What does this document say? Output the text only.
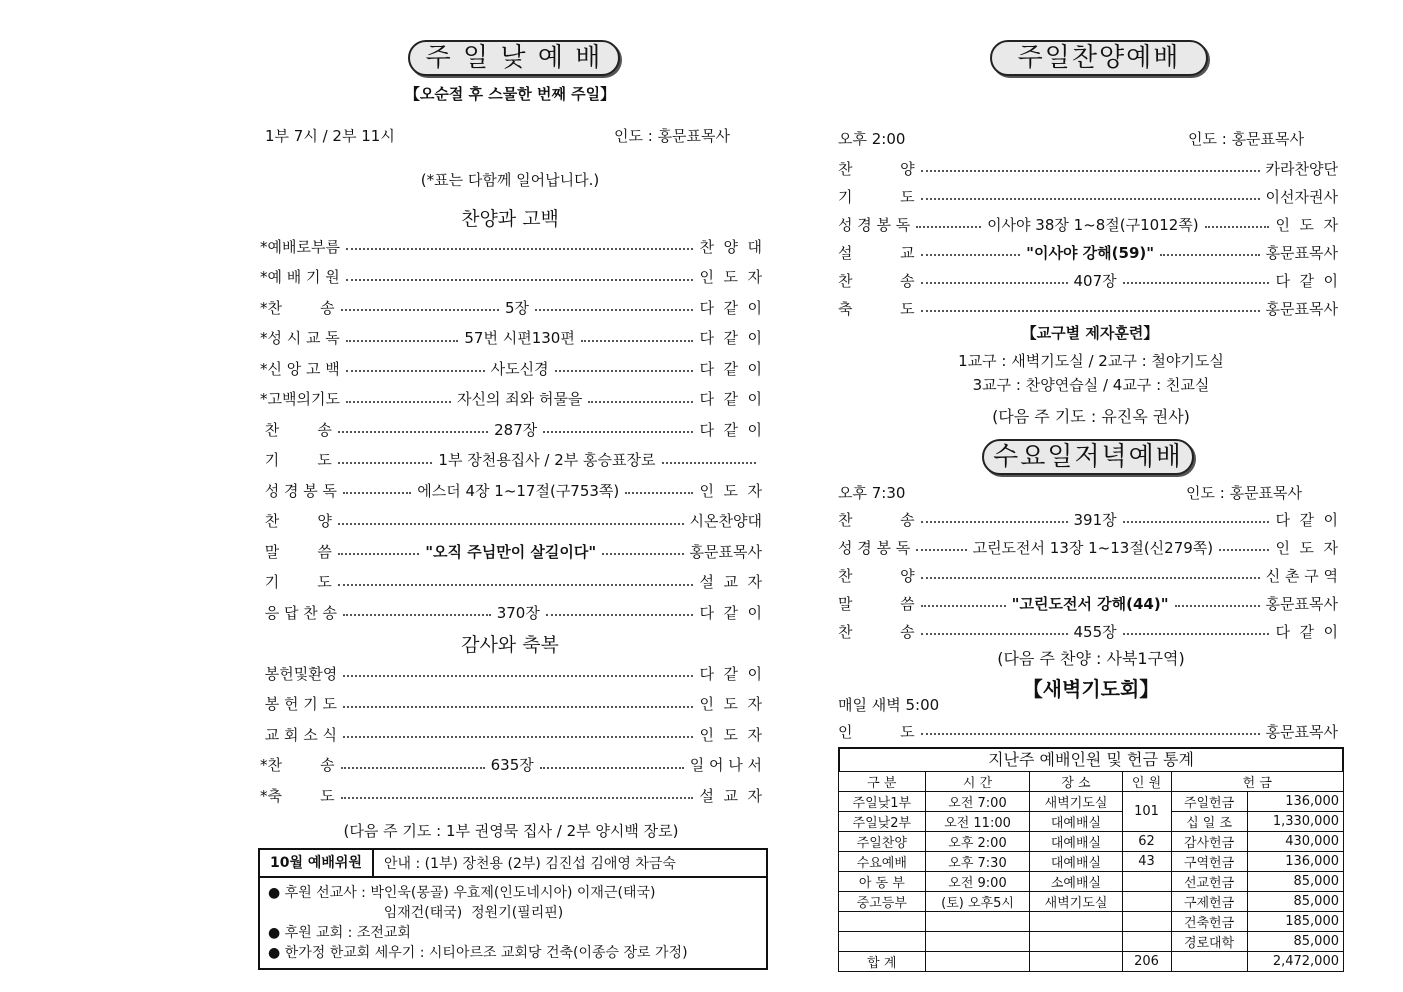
주 일 낮 예 배
【오순절 후 스물한 번째 주일】
1부 7시 / 2부 11시	인도 : 홍문표목사
(*표는 다함께 일어납니다.)
찬양과 고백
*예배로부름	찬  양  대
*예 배 기 원	인  도  자
*찬        송	5장	다  같  이
*성 시 교 독	57번 시편130편	다  같  이
*신 앙 고 백	사도신경	다  같  이
*고백의기도	자신의 죄와 허물을	다  같  이
찬        송	287장	다  같  이
기        도	1부 장천용집사 / 2부 홍승표장로
성 경 봉 독	에스더 4장 1~17절(구753쪽)	인  도  자
찬        양	시온찬양대
말        씀	"오직 주님만이 살길이다"	홍문표목사
기        도	설  교  자
응 답 찬 송	370장	다  같  이
감사와 축복
봉헌및환영	다  같  이
봉 헌 기 도	인  도  자
교 회 소 식	인  도  자
*찬        송	635장	일 어 나 서
*축        도	설  교  자
(다음 주 기도 : 1부 권영묵 집사 / 2부 양시백 장로)
10월 예배위원	안내 : (1부) 장천용 (2부) 김진섭 김애영 차금숙
● 후원 선교사 : 박인욱(몽골) 우효제(인도네시아) 이재근(태국)
임재건(태국)  정원기(필리핀)
● 후원 교회 : 조전교회
● 한가정 한교회 세우기 : 시티아르조 교회당 건축(이종승 장로 가정)
주일찬양예배
오후 2:00	인도 : 홍문표목사
찬          양	카라찬양단
기          도	이선자권사
성 경 봉 독	이사야 38장 1~8절(구1012쪽)	인  도  자
설          교	"이사야 강해(59)"	홍문표목사
찬          송	407장	다  같  이
축          도	홍문표목사
【교구별 제자훈련】
1교구 : 새벽기도실 / 2교구 : 철야기도실
3교구 : 찬양연습실 / 4교구 : 친교실
(다음 주 기도 : 유진옥 권사)
수요일저녁예배
오후 7:30	인도 : 홍문표목사
찬          송	391장	다  같  이
성 경 봉 독	고린도전서 13장 1~13절(신279쪽)	인  도  자
찬          양	신 촌 구 역
말          씀	"고린도전서 강해(44)"	홍문표목사
찬          송	455장	다  같  이
(다음 주 찬양 : 사북1구역)
【새벽기도회】
매일 새벽 5:00
인          도	홍문표목사
지난주 예배인원 및 헌금 통계
구 분	시 간	장 소	인 원	헌 금	
주일낮1부	오전 7:00	새벽기도실	101	주일헌금	136,000
주일낮2부	오전 11:00	대예배실		십 일 조	1,330,000
주일찬양	오후 2:00	대예배실	62	감사헌금	430,000
수요예배	오후 7:30	대예배실	43	구역헌금	136,000
아 동 부	오전 9:00	소예배실		선교헌금	85,000
중고등부	(토) 오후5시	새벽기도실		구제헌금	85,000
				건축헌금	185,000
				경로대학	85,000
합 계			206		2,472,000
